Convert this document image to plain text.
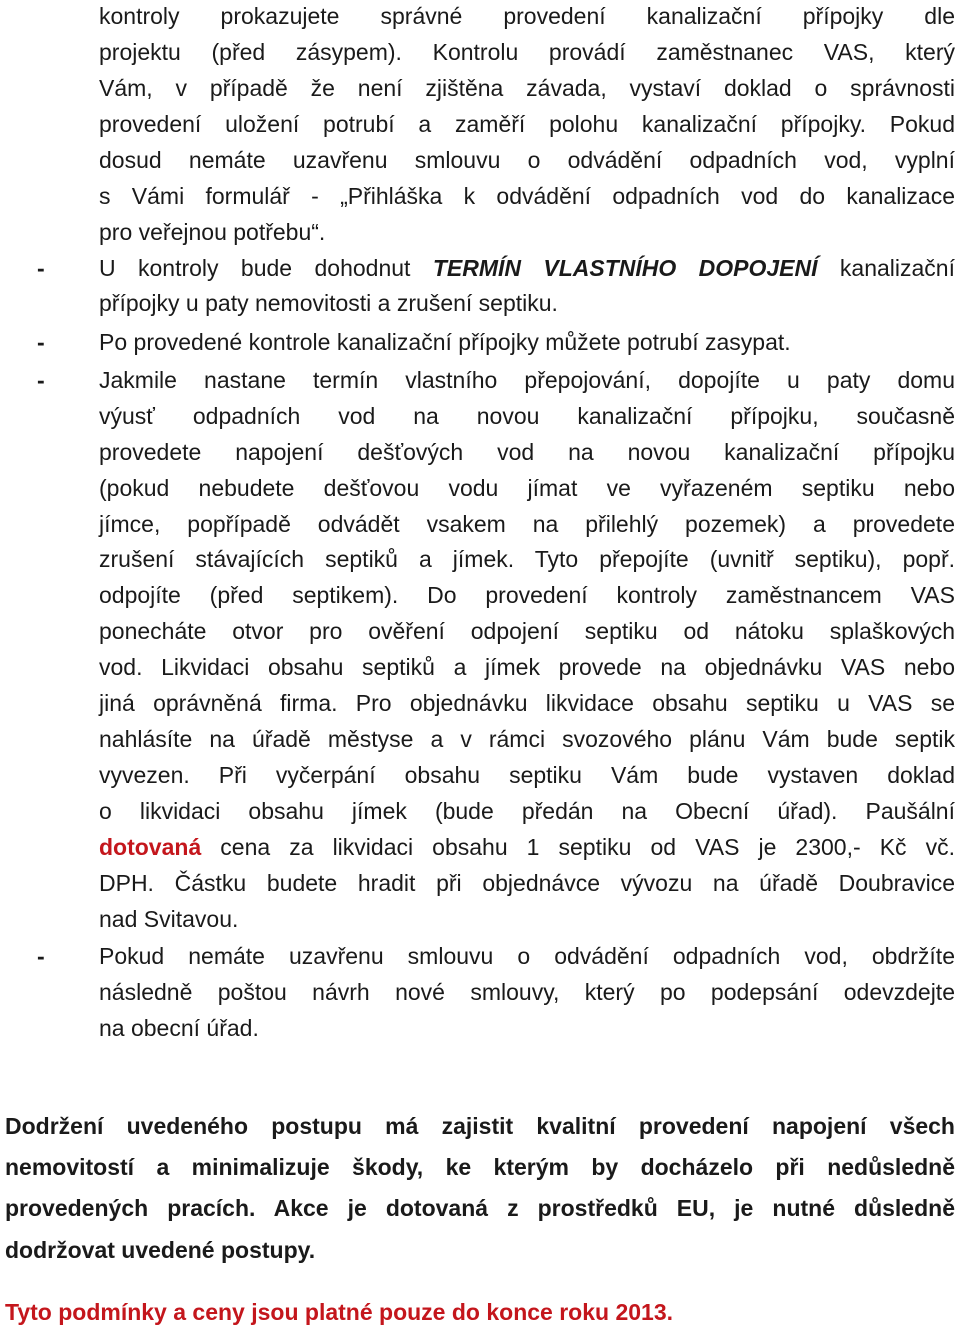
kontroly prokazujete správné provedení kanalizační přípojky dle
projektu (před zásypem). Kontrolu provádí zaměstnanec VAS, který
Vám, v případě že není zjištěna závada, vystaví doklad o správnosti
provedení uložení potrubí a zaměří polohu kanalizační přípojky. Pokud
dosud nemáte uzavřenu smlouvu o odvádění odpadních vod, vyplní
s Vámi formulář - „Přihláška k odvádění odpadních vod do kanalizace
pro veřejnou potřebu“.
- U kontroly bude dohodnut TERMÍN VLASTNÍHO DOPOJENÍ kanalizační
přípojky u paty nemovitosti a zrušení septiku.
- Po provedené kontrole kanalizační přípojky můžete potrubí zasypat.
- Jakmile nastane termín vlastního přepojování, dopojíte u paty domu
výusť odpadních vod na novou kanalizační přípojku, současně
provedete napojení dešťových vod na novou kanalizační přípojku
(pokud nebudete dešťovou vodu jímat ve vyřazeném septiku nebo
jímce, popřípadě odvádět vsakem na přilehlý pozemek) a provedete
zrušení stávajících septiků a jímek. Tyto přepojíte (uvnitř septiku), popř.
odpojíte (před septikem). Do provedení kontroly zaměstnancem VAS
ponecháte otvor pro ověření odpojení septiku od nátoku splaškových
vod. Likvidaci obsahu septiků a jímek provede na objednávku VAS nebo
jiná oprávněná firma. Pro objednávku likvidace obsahu septiku u VAS se
nahlásíte na úřadě městyse a v rámci svozového plánu Vám bude septik
vyvezen. Při vyčerpání obsahu septiku Vám bude vystaven doklad
o likvidaci obsahu jímek (bude předán na Obecní úřad). Paušální
dotovaná cena za likvidaci obsahu 1 septiku od VAS je 2300,- Kč vč.
DPH. Částku budete hradit při objednávce vývozu na úřadě Doubravice
nad Svitavou.
- Pokud nemáte uzavřenu smlouvu o odvádění odpadních vod, obdržíte
následně poštou návrh nové smlouvy, který po podepsání odevzdejte
na obecní úřad.
Dodržení uvedeného postupu má zajistit kvalitní provedení napojení všech
nemovitostí a minimalizuje škody, ke kterým by docházelo při nedůsledně
provedených pracích. Akce je dotovaná z prostředků EU, je nutné důsledně
dodržovat uvedené postupy.
Tyto podmínky a ceny jsou platné pouze do konce roku 2013.
